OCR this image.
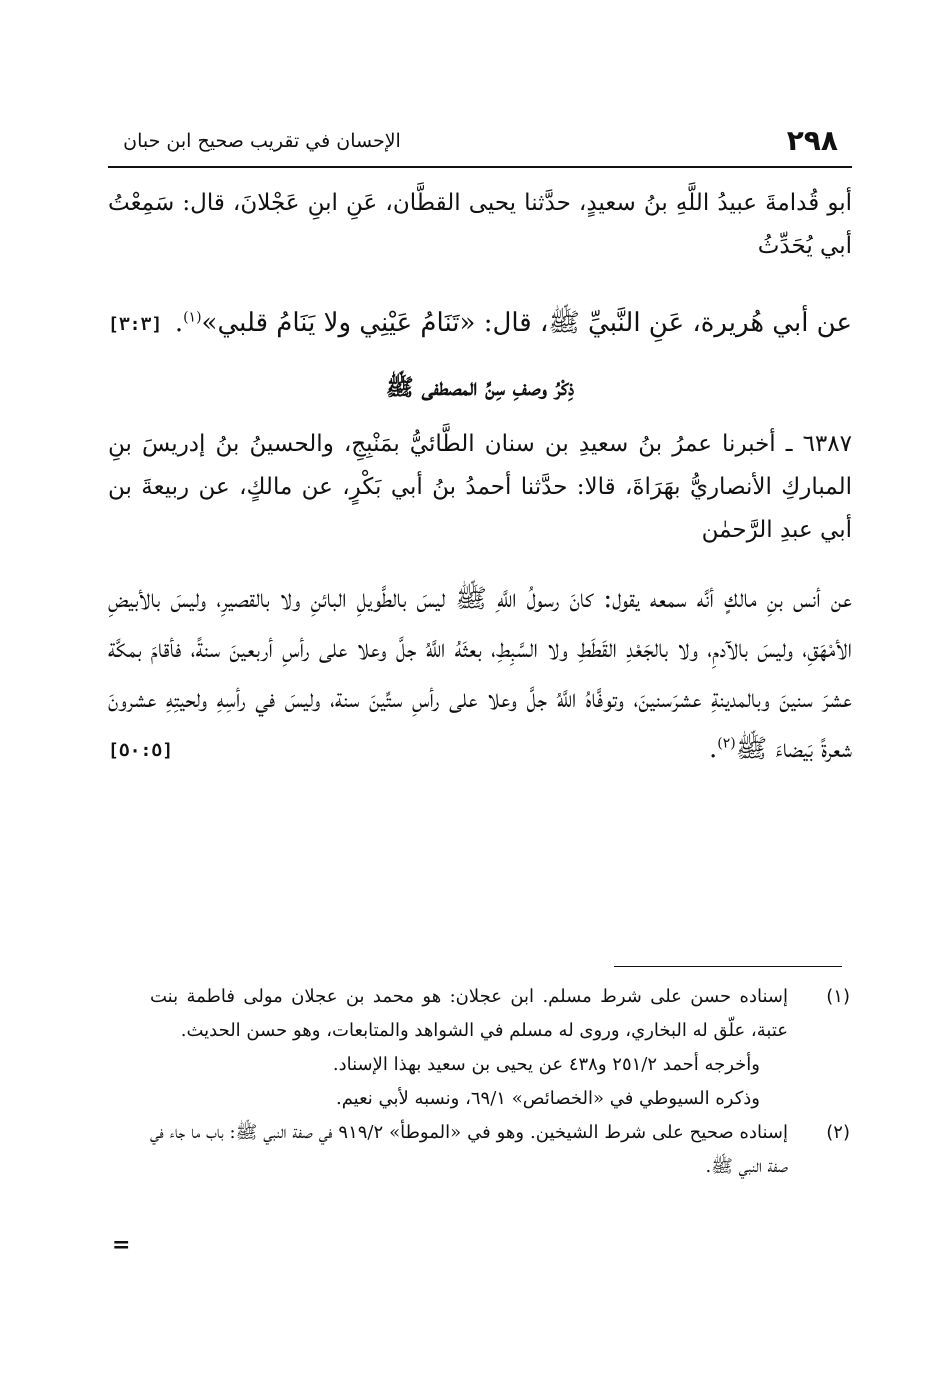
٢٩٨
الإحسان في تقريب صحيح ابن حبان

أبو قُدامةَ عبيدُ اللَّهِ بنُ سعيدٍ، حدَّثنا يحيى القطَّان، عَنِ ابنِ عَجْلانَ، قال: سَمِعْتُ أبي يُحَدِّثُ

عن أبي هُريرة، عَنِ النَّبيِّ ﷺ، قال: «تَنَامُ عَيْنِي ولا يَنَامُ قلبي»$^{(١)}$.
[٣:٣]

ذِكْرُ وصفِ سِنِّ المصطفى ﷺ

٦٣٨٧ ـ أخبرنا عمرُ بنُ سعيدِ بن سنان الطَّائيُّ بمَنْبِجِ، والحسينُ بنُ إدريسَ بنِ المباركِ الأنصاريُّ بهَرَاةَ، قالا: حدَّثنا أحمدُ بنُ أبي بَكْرٍ، عن مالكٍ، عن ربيعةَ بن أبي عبدِ الرَّحمٰن

عن أنس بنِ مالكٍ أنَّه سمعه يقول: كانَ رسولُ اللَّهِ ﷺ ليسَ بالطَّويلِ البائنِ ولا بالقصيرِ، وليسَ بالأبيضِ الأمْهَقِ، وليسَ بالآدمِ، ولا بالجَعْدِ القَطَطِ ولا السَّبِطِ، بعثَهُ اللَّهُ جلَّ وعلا على رأسِ أربعينَ سنةً، فأقامَ بمكَّة عشرَ سنينَ وبالمدينةِ عشرَسنينَ، وتوفَّاهُ اللَّهُ جلَّ وعلا على رأسِ ستِّينَ سنة، وليسَ في رأسِهِ ولحيتِهِ عشرونَ شعرةً بَيضاءَ ﷺ$^{(٢)}$.
[٥٠:٥]

(١)
إسناده حسن على شرط مسلم. ابن عجلان: هو محمد بن عجلان مولى فاطمة بنت عتبة، علّق له البخاري، وروى له مسلم في الشواهد والمتابعات، وهو حسن الحديث.
وأخرجه أحمد ٢٥١/٢ و٤٣٨ عن يحيى بن سعيد بهذا الإسناد.
وذكره السيوطي في «الخصائص» ٦٩/١، ونسبه لأبي نعيم.
(٢)
إسناده صحيح على شرط الشيخين. وهو في «الموطأ» ٩١٩/٢ في صفة النبي ﷺ: باب ما جاء في صفة النبي ﷺ.
=
